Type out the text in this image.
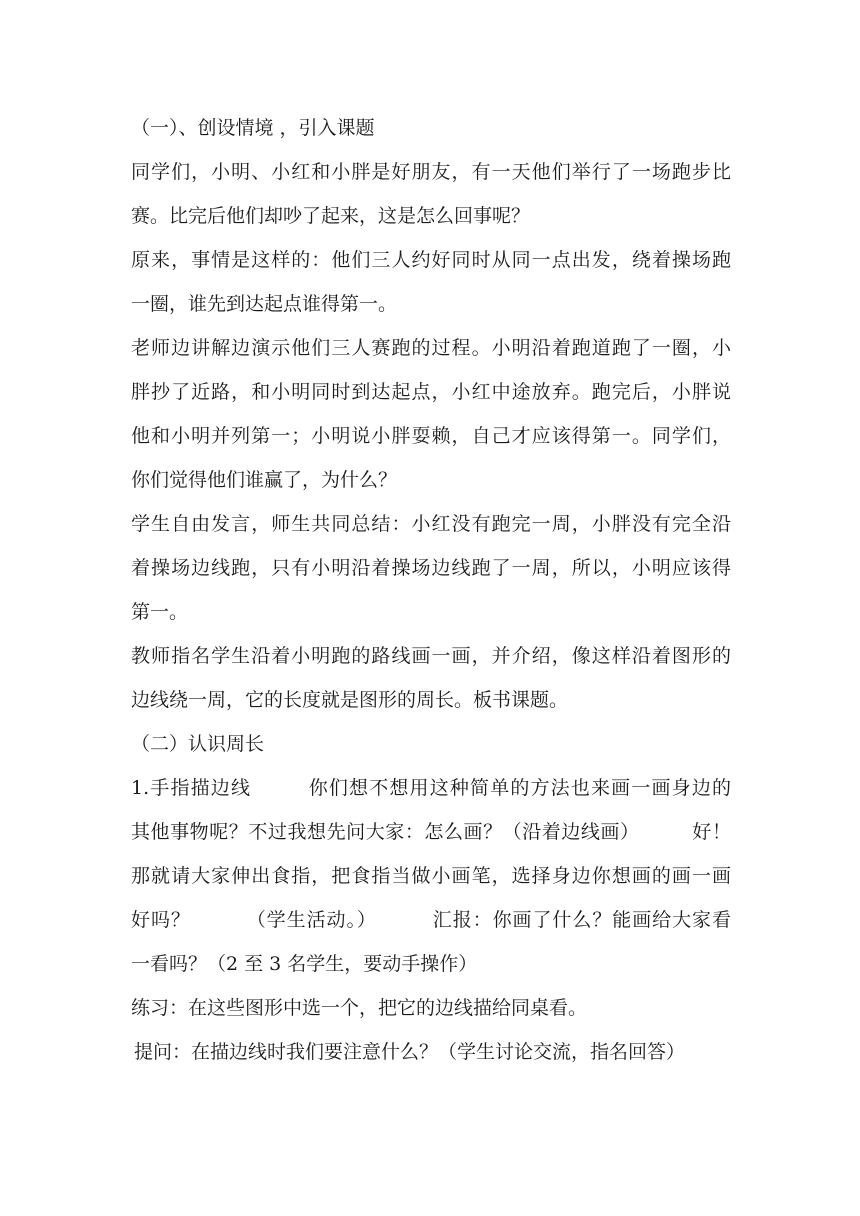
（一）、创设情境 ，引入课题
同学们，小明、小红和小胖是好朋友，有一天他们举行了一场跑步比
赛。比完后他们却吵了起来，这是怎么回事呢？
原来，事情是这样的：他们三人约好同时从同一点出发，绕着操场跑
一圈，谁先到达起点谁得第一。
老师边讲解边演示他们三人赛跑的过程。小明沿着跑道跑了一圈，小
胖抄了近路，和小明同时到达起点，小红中途放弃。跑完后，小胖说
他和小明并列第一；小明说小胖耍赖，自己才应该得第一。同学们，
你们觉得他们谁赢了，为什么？
学生自由发言，师生共同总结：小红没有跑完一周，小胖没有完全沿
着操场边线跑，只有小明沿着操场边线跑了一周，所以，小明应该得
第一。
教师指名学生沿着小明跑的路线画一画，并介绍，像这样沿着图形的
边线绕一周，它的长度就是图形的周长。板书课题。
（二）认识周长
1.手指描边线        你们想不想用这种简单的方法也来画一画身边的
其他事物呢？不过我想先问大家：怎么画？（沿着边线画）        好！
那就请大家伸出食指，把食指当做小画笔，选择身边你想画的画一画
好吗？        （学生活动。）        汇报：你画了什么？能画给大家看
一看吗？（2 至 3 名学生，要动手操作）
练习：在这些图形中选一个，把它的边线描给同桌看。
提问：在描边线时我们要注意什么？（学生讨论交流，指名回答）
